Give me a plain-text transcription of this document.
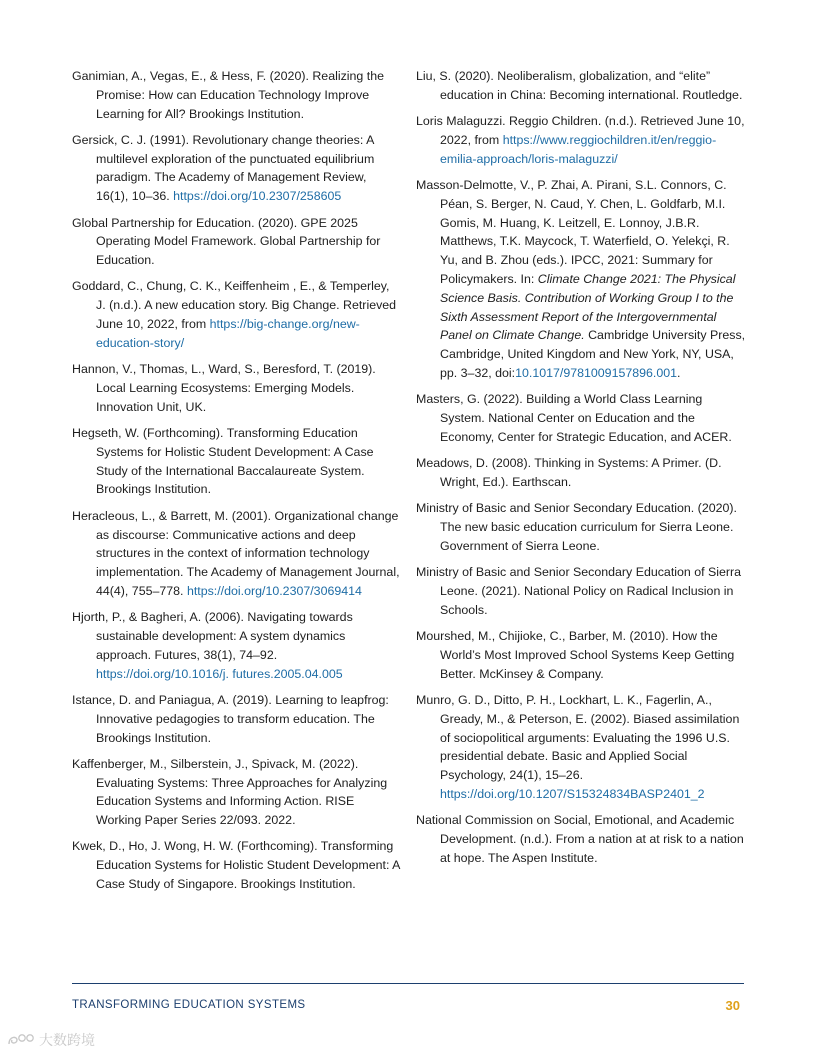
Ganimian, A., Vegas, E., & Hess, F. (2020). Realizing the Promise: How can Education Technology Improve Learning for All? Brookings Institution.

Gersick, C. J. (1991). Revolutionary change theories: A multilevel exploration of the punctuated equilibrium paradigm. The Academy of Management Review, 16(1), 10–36. https://doi.org/10.2307/258605

Global Partnership for Education. (2020). GPE 2025 Operating Model Framework. Global Partnership for Education.

Goddard, C., Chung, C. K., Keiffenheim , E., & Temperley, J. (n.d.). A new education story. Big Change. Retrieved June 10, 2022, from https://big-change.org/new-education-story/

Hannon, V., Thomas, L., Ward, S., Beresford, T. (2019). Local Learning Ecosystems: Emerging Models. Innovation Unit, UK.

Hegseth, W. (Forthcoming). Transforming Education Systems for Holistic Student Development: A Case Study of the International Baccalaureate System. Brookings Institution.

Heracleous, L., & Barrett, M. (2001). Organizational change as discourse: Communicative actions and deep structures in the context of information technology implementation. The Academy of Management Journal, 44(4), 755–778. https://doi.org/10.2307/3069414

Hjorth, P., & Bagheri, A. (2006). Navigating towards sustainable development: A system dynamics approach. Futures, 38(1), 74–92. https://doi.org/10.1016/j. futures.2005.04.005

Istance, D. and Paniagua, A. (2019). Learning to leapfrog: Innovative pedagogies to transform education. The Brookings Institution.

Kaffenberger, M., Silberstein, J., Spivack, M. (2022). Evaluating Systems: Three Approaches for Analyzing Education Systems and Informing Action. RISE Working Paper Series 22/093. 2022.

Kwek, D., Ho, J. Wong, H. W. (Forthcoming). Transforming Education Systems for Holistic Student Development: A Case Study of Singapore. Brookings Institution.

Liu, S. (2020). Neoliberalism, globalization, and “elite” education in China: Becoming international. Routledge.

Loris Malaguzzi. Reggio Children. (n.d.). Retrieved June 10, 2022, from https://www.reggiochildren.it/en/reggio-emilia-approach/loris-malaguzzi/

Masson-Delmotte, V., P. Zhai, A. Pirani, S.L. Connors, C. Péan, S. Berger, N. Caud, Y. Chen, L. Goldfarb, M.I. Gomis, M. Huang, K. Leitzell, E. Lonnoy, J.B.R. Matthews, T.K. Maycock, T. Waterfield, O. Yelekçi, R. Yu, and B. Zhou (eds.). IPCC, 2021: Summary for Policymakers. In: Climate Change 2021: The Physical Science Basis. Contribution of Working Group I to the Sixth Assessment Report of the Intergovernmental Panel on Climate Change. Cambridge University Press, Cambridge, United Kingdom and New York, NY, USA, pp. 3–32, doi:10.1017/9781009157896.001.

Masters, G. (2022). Building a World Class Learning System. National Center on Education and the Economy, Center for Strategic Education, and ACER.

Meadows, D. (2008). Thinking in Systems: A Primer. (D. Wright, Ed.). Earthscan.

Ministry of Basic and Senior Secondary Education. (2020). The new basic education curriculum for Sierra Leone. Government of Sierra Leone.

Ministry of Basic and Senior Secondary Education of Sierra Leone. (2021). National Policy on Radical Inclusion in Schools.

Mourshed, M., Chijioke, C., Barber, M. (2010). How the World’s Most Improved School Systems Keep Getting Better. McKinsey & Company.

Munro, G. D., Ditto, P. H., Lockhart, L. K., Fagerlin, A., Gready, M., & Peterson, E. (2002). Biased assimilation of sociopolitical arguments: Evaluating the 1996 U.S. presidential debate. Basic and Applied Social Psychology, 24(1), 15–26. https://doi.org/10.1207/S15324834BASP2401_2

National Commission on Social, Emotional, and Academic Development. (n.d.). From a nation at at risk to a nation at hope. The Aspen Institute.

TRANSFORMING EDUCATION SYSTEMS	30
大数跨境
